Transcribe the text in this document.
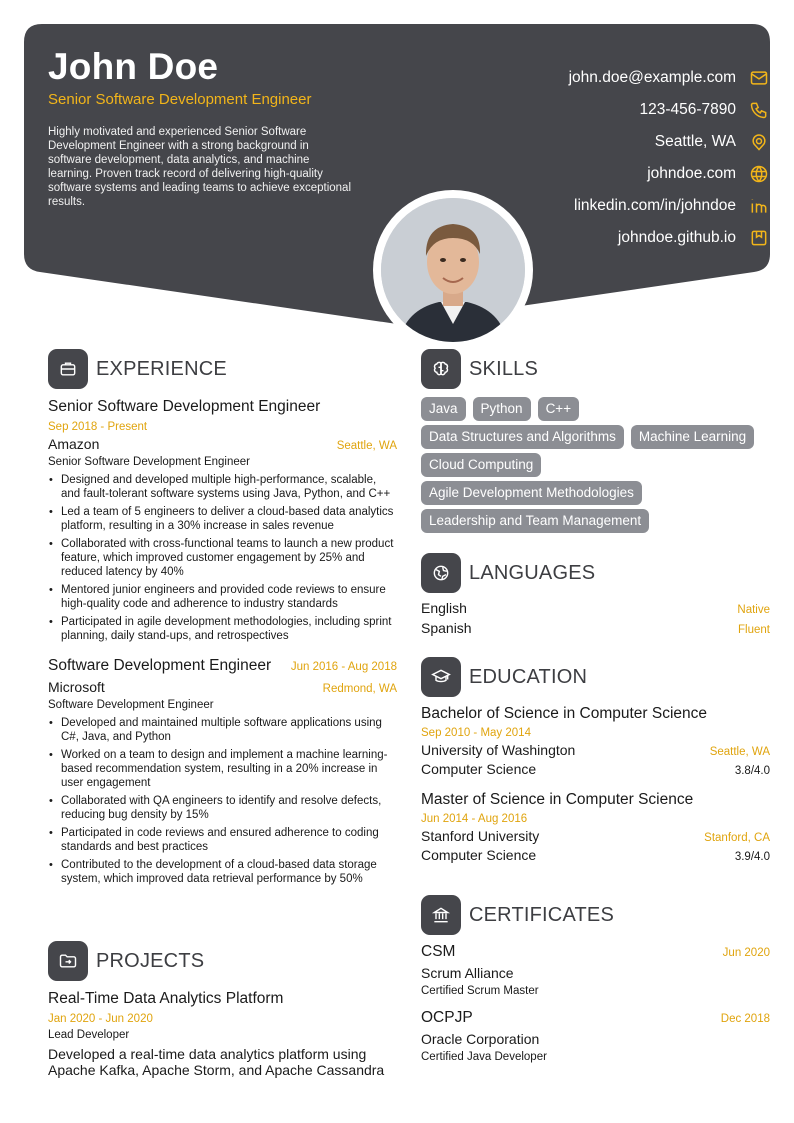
John Doe
Senior Software Development Engineer
Highly motivated and experienced Senior Software Development Engineer with a strong background in software development, data analytics, and machine learning. Proven track record of delivering high-quality software systems and leading teams to achieve exceptional results.
john.doe@example.com
123-456-7890
Seattle, WA
johndoe.com
linkedin.com/in/johndoe
johndoe.github.io
EXPERIENCE
Senior Software Development Engineer
Sep 2018 - Present
Amazon	Seattle, WA
Senior Software Development Engineer
• Designed and developed multiple high-performance, scalable, and fault-tolerant software systems using Java, Python, and C++
• Led a team of 5 engineers to deliver a cloud-based data analytics platform, resulting in a 30% increase in sales revenue
• Collaborated with cross-functional teams to launch a new product feature, which improved customer engagement by 25% and reduced latency by 40%
• Mentored junior engineers and provided code reviews to ensure high-quality code and adherence to industry standards
• Participated in agile development methodologies, including sprint planning, daily stand-ups, and retrospectives
Software Development Engineer Jun 2016 - Aug 2018
Microsoft	Redmond, WA
Software Development Engineer
• Developed and maintained multiple software applications using C#, Java, and Python
• Worked on a team to design and implement a machine learning-based recommendation system, resulting in a 20% increase in user engagement
• Collaborated with QA engineers to identify and resolve defects, reducing bug density by 15%
• Participated in code reviews and ensured adherence to coding standards and best practices
• Contributed to the development of a cloud-based data storage system, which improved data retrieval performance by 50%
PROJECTS
Real-Time Data Analytics Platform
Jan 2020 - Jun 2020
Lead Developer
Developed a real-time data analytics platform using Apache Kafka, Apache Storm, and Apache Cassandra
SKILLS
Java	Python	C++
Data Structures and Algorithms	Machine Learning
Cloud Computing
Agile Development Methodologies
Leadership and Team Management
LANGUAGES
English	Native
Spanish	Fluent
EDUCATION
Bachelor of Science in Computer Science
Sep 2010 - May 2014
University of Washington	Seattle, WA
Computer Science	3.8/4.0
Master of Science in Computer Science
Jun 2014 - Aug 2016
Stanford University	Stanford, CA
Computer Science	3.9/4.0
CERTIFICATES
CSM	Jun 2020
Scrum Alliance
Certified Scrum Master
OCPJP	Dec 2018
Oracle Corporation
Certified Java Developer
